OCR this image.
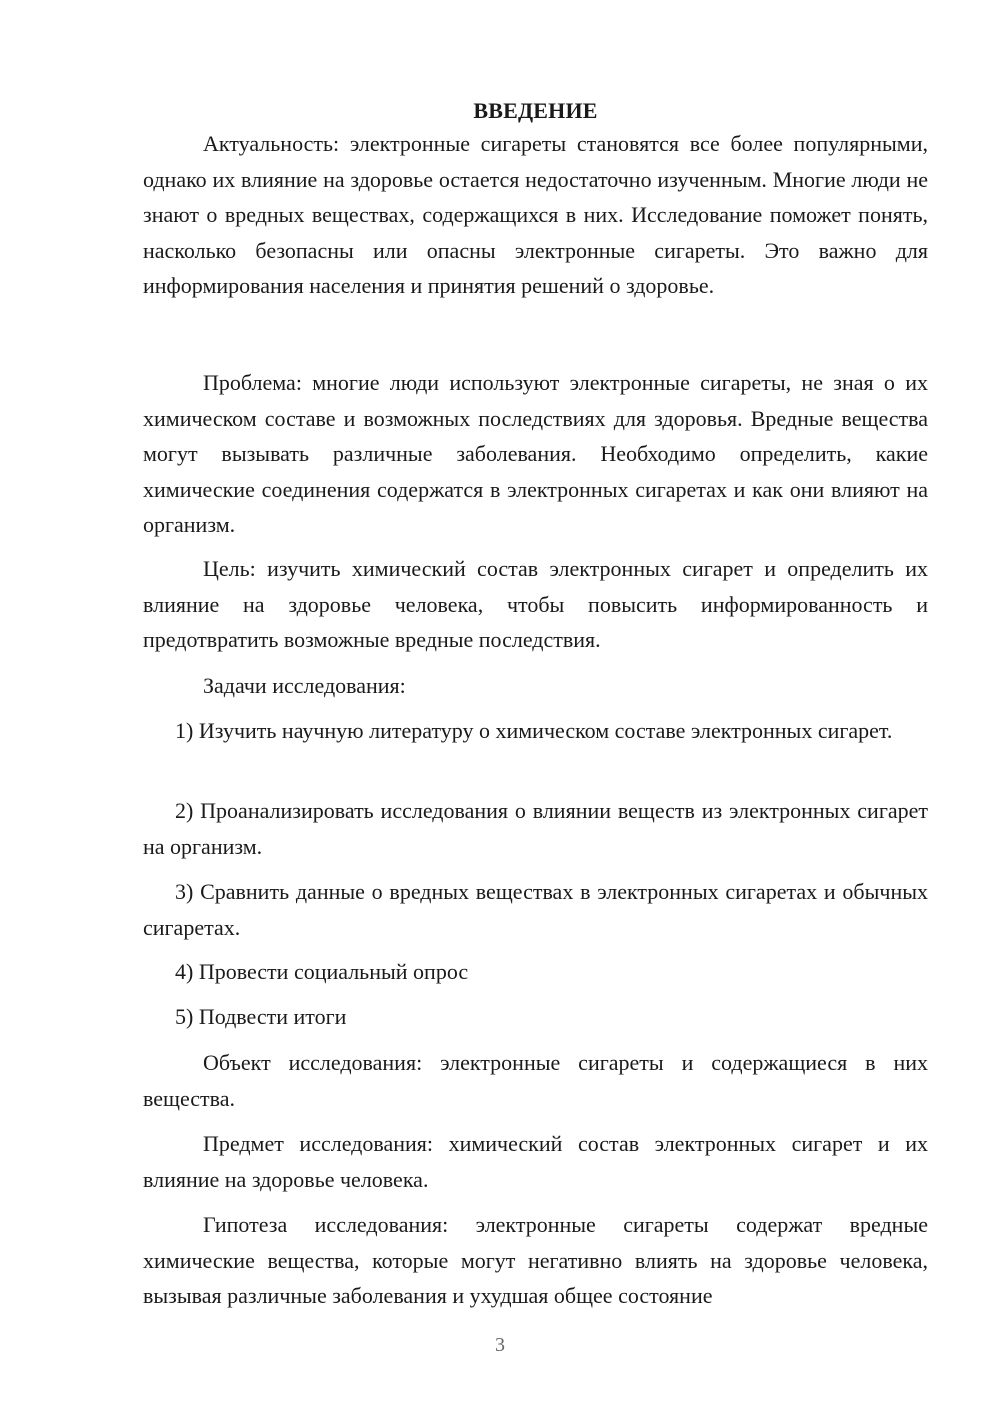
ВВЕДЕНИЕ

Актуальность: электронные сигареты становятся все более популярными, однако их влияние на здоровье остается недостаточно изученным. Многие люди не знают о вредных веществах, содержащихся в них. Исследование поможет понять, насколько безопасны или опасны электронные сигареты. Это важно для информирования населения и принятия решений о здоровье.

Проблема: многие люди используют электронные сигареты, не зная о их химическом составе и возможных последствиях для здоровья. Вредные вещества могут вызывать различные заболевания. Необходимо определить, какие химические соединения содержатся в электронных сигаретах и как они влияют на организм.

Цель: изучить химический состав электронных сигарет и определить их влияние на здоровье человека, чтобы повысить информированность и предотвратить возможные вредные последствия.

Задачи исследования:

1) Изучить научную литературу о химическом составе электронных сигарет.

2) Проанализировать исследования о влиянии веществ из электронных сигарет на организм.

3) Сравнить данные о вредных веществах в электронных сигаретах и обычных сигаретах.

4) Провести социальный опрос

5) Подвести итоги

Объект исследования: электронные сигареты и содержащиеся в них вещества.

Предмет исследования: химический состав электронных сигарет и их влияние на здоровье человека.

Гипотеза исследования: электронные сигареты содержат вредные химические вещества, которые могут негативно влиять на здоровье человека, вызывая различные заболевания и ухудшая общее состояние

3
